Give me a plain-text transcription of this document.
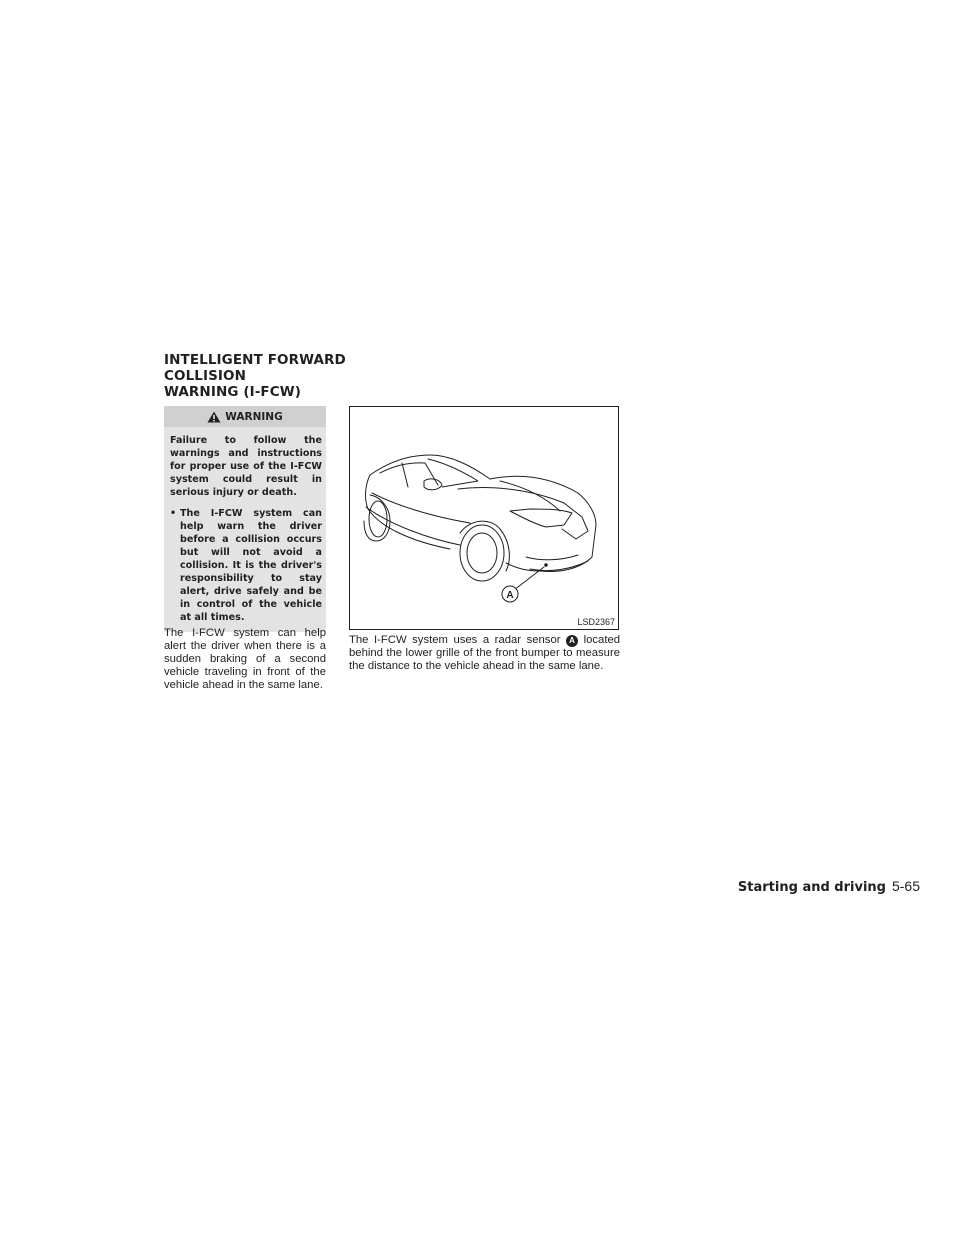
INTELLIGENT FORWARD COLLISION
WARNING (I-FCW)
WARNING

Failure to follow the warnings and instructions for proper use of the I-FCW system could result in serious injury or death.

• The I-FCW system can help warn the driver before a collision occurs but will not avoid a collision. It is the driver's responsibility to stay alert, drive safely and be in control of the vehicle at all times.
The I-FCW system can help alert the driver when there is a sudden braking of a second vehicle traveling in front of the vehicle ahead in the same lane.
A
LSD2367
The I-FCW system uses a radar sensor A located behind the lower grille of the front bumper to measure the distance to the vehicle ahead in the same lane.
Starting and driving 5-65
